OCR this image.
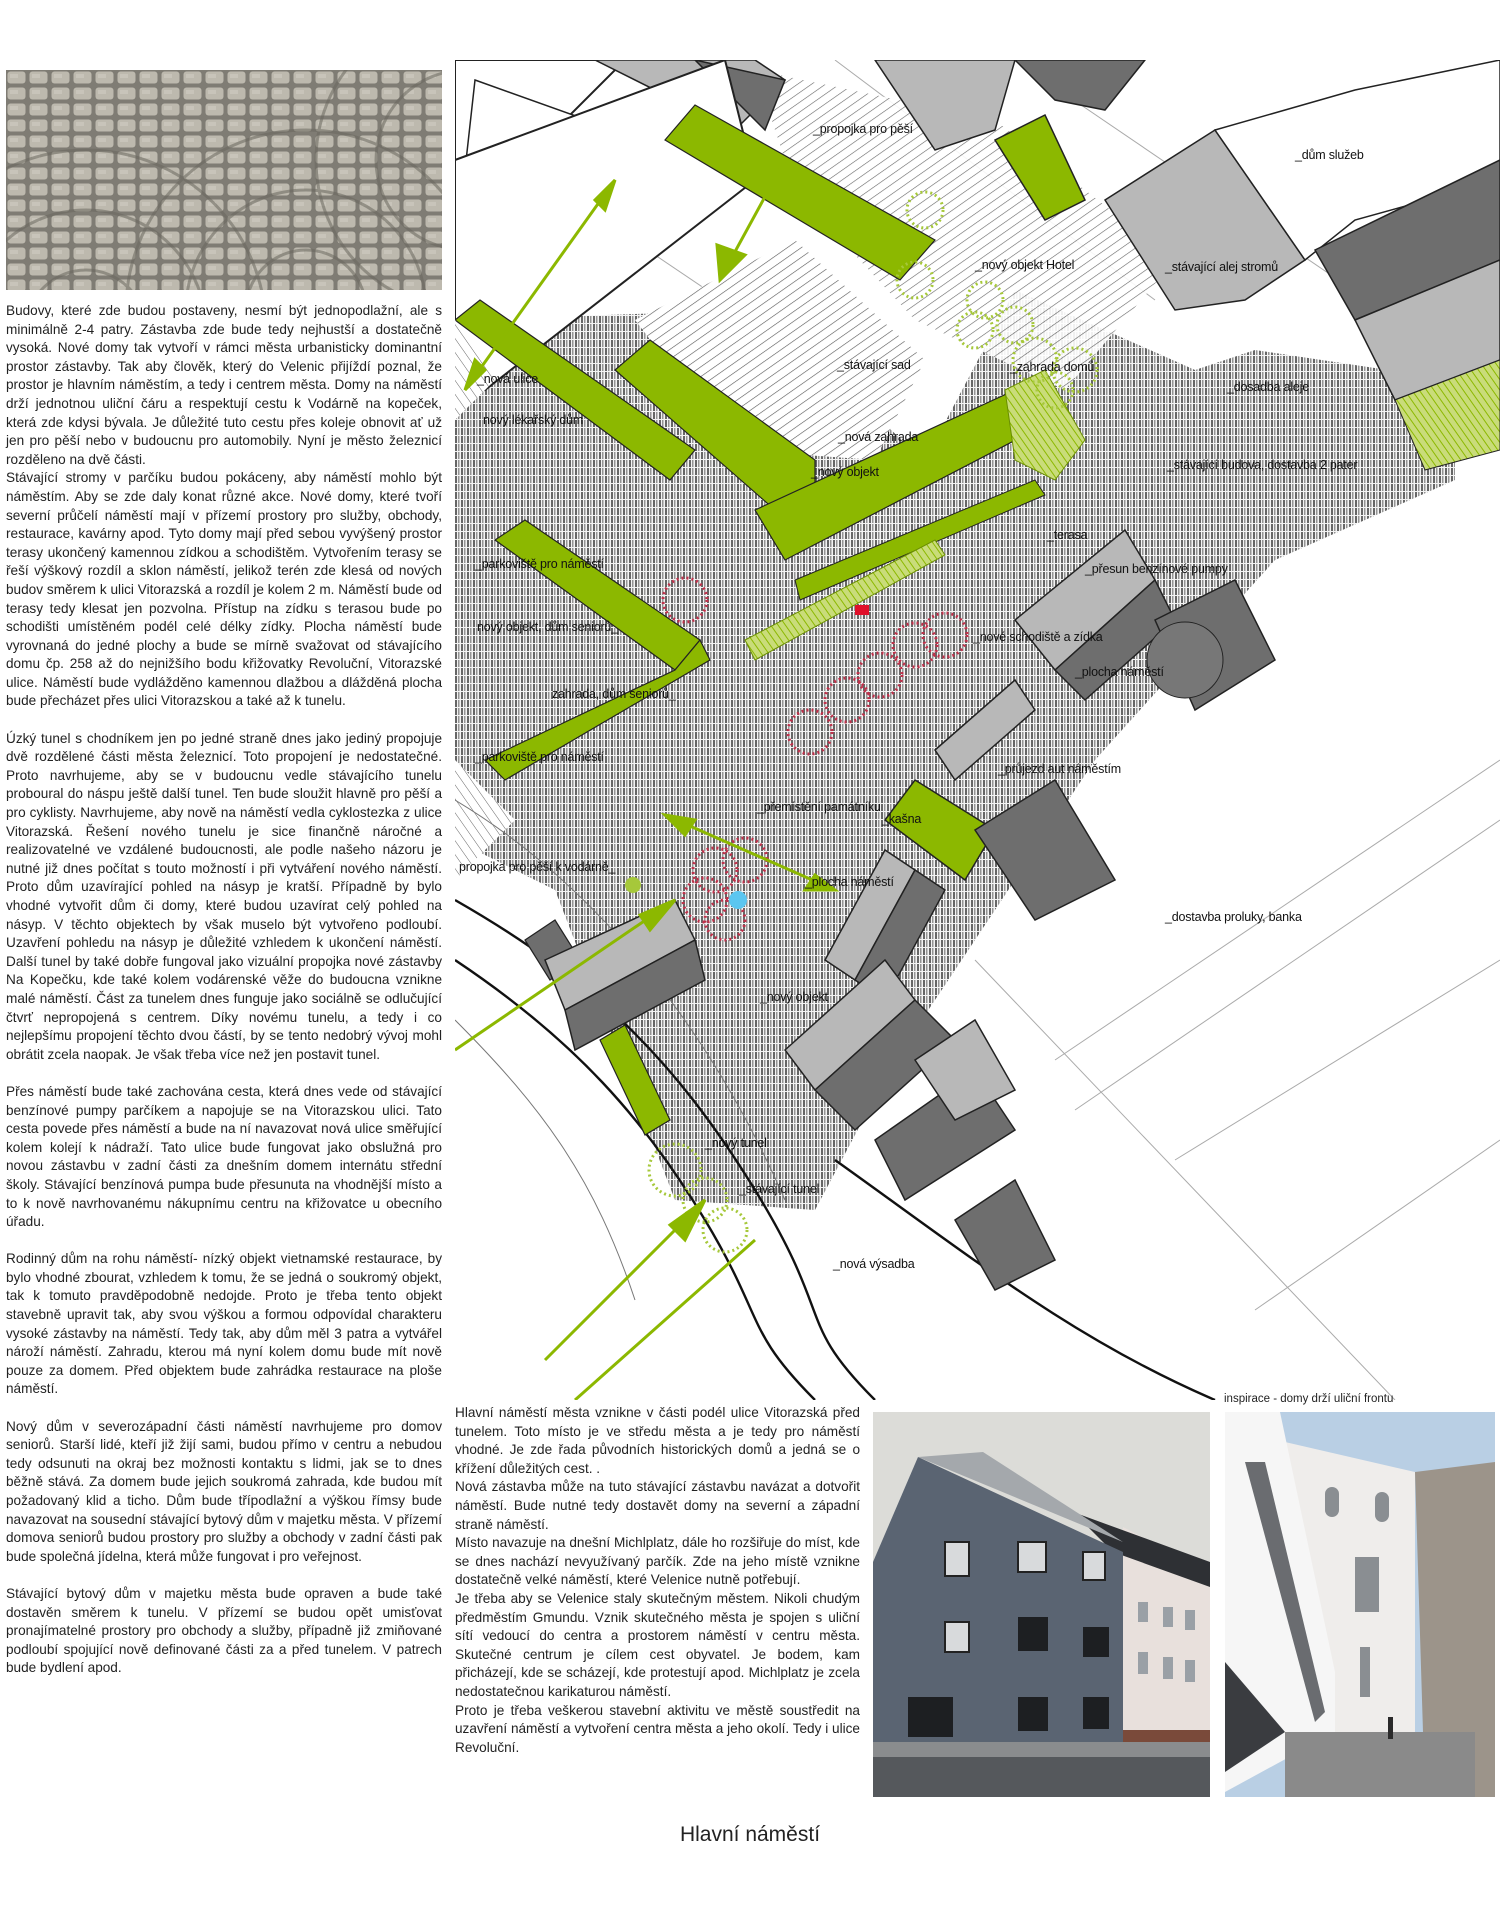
Budovy, které zde budou postaveny, nesmí být jednopodlažní, ale s minimálně 2-4 patry. Zástavba zde bude tedy nejhustší a dostatečně vysoká. Nové domy tak vytvoří v rámci města urbanisticky dominantní prostor zástavby. Tak aby člověk, který do Velenic přijíždí poznal, že prostor je hlavním náměstím, a tedy i centrem města. Domy na náměstí drží jednotnou uliční čáru a respektují cestu k Vodárně na kopeček, která zde kdysi bývala. Je důležité tuto cestu přes koleje obnovit ať už jen pro pěší nebo v budoucnu pro automobily. Nyní je město železnicí rozděleno na dvě části.

Stávající stromy v parčíku budou pokáceny, aby náměstí mohlo být náměstím. Aby se zde daly konat různé akce. Nové domy, které tvoří severní průčelí náměstí mají v přízemí prostory pro služby, obchody, restaurace, kavárny apod. Tyto domy mají před sebou vyvýšený prostor terasy ukončený kamennou zídkou a schodištěm. Vytvořením terasy se řeší výškový rozdíl a sklon náměstí, jelikož terén zde klesá od nových budov směrem k ulici Vitorazská a rozdíl je kolem 2 m. Náměstí bude od terasy tedy klesat jen pozvolna. Přístup na zídku s terasou bude po schodišti umístěném podél celé délky zídky. Plocha náměstí bude vyrovnaná do jedné plochy a bude se mírně svažovat od stávajícího domu čp. 258 až do nejnižšího bodu křižovatky Revoluční, Vitorazské ulice. Náměstí bude vydlážděno kamennou dlažbou a dlážděná plocha bude přecházet přes ulici Vitorazskou a také až k tunelu.

Úzký tunel s chodníkem jen po jedné straně dnes jako jediný propojuje dvě rozdělené části města železnicí. Toto propojení je nedostatečné. Proto navrhujeme, aby se v budoucnu vedle stávajícího tunelu proboural do náspu ještě další tunel. Ten bude sloužit hlavně pro pěší a pro cyklisty. Navrhujeme, aby nově na náměstí vedla cyklostezka z ulice Vitorazská. Řešení nového tunelu je sice finančně náročné a realizovatelné ve vzdálené budoucnosti, ale podle našeho názoru je nutné již dnes počítat s touto možností i při vytváření nového náměstí. Proto dům uzavírající pohled na násyp je kratší. Případně by bylo vhodné vytvořit dům či domy, které budou uzavírat celý pohled na násyp. V těchto objektech by však muselo být vytvořeno podloubí. Uzavření pohledu na násyp je důležité vzhledem k ukončení náměstí. Další tunel by také dobře fungoval jako vizuální propojka nové zástavby Na Kopečku, kde také kolem vodárenské věže do budoucna vznikne malé náměstí. Část za tunelem dnes funguje jako sociálně se odlučující čtvrť nepropojená s centrem. Díky novému tunelu, a tedy i co nejlepšímu propojení těchto dvou částí, by se tento nedobrý vývoj mohl obrátit zcela naopak. Je však třeba více než jen postavit tunel.

Přes náměstí bude také zachována cesta, která dnes vede od stávající benzínové pumpy parčíkem a napojuje se na Vitorazskou ulici. Tato cesta povede přes náměstí a bude na ní navazovat nová ulice směřující kolem kolejí k nádraží. Tato ulice bude fungovat jako obslužná pro novou zástavbu v zadní části za dnešním domem internátu střední školy. Stávající benzínová pumpa bude přesunuta na vhodnější místo a to k nově navrhovanému nákupnímu centru na křižovatce u obecního úřadu.

Rodinný dům na rohu náměstí- nízký objekt vietnamské restaurace, by bylo vhodné zbourat, vzhledem k tomu, že se jedná o soukromý objekt, tak k tomuto pravděpodobně nedojde. Proto je třeba tento objekt stavebně upravit tak, aby svou výškou a formou odpovídal charakteru vysoké zástavby na náměstí. Tedy tak, aby dům měl 3 patra a vytvářel nároží náměstí. Zahradu, kterou má nyní kolem domu bude mít nově pouze za domem. Před objektem bude zahrádka restaurace na ploše náměstí.

Nový dům v severozápadní části náměstí navrhujeme pro domov seniorů. Starší lidé, kteří již žijí sami, budou přímo v centru a nebudou tedy odsunuti na okraj bez možnosti kontaktu s lidmi, jak se to dnes běžně stává. Za domem bude jejich soukromá zahrada, kde budou mít požadovaný klid a ticho. Dům bude třípodlažní a výškou římsy bude navazovat na sousední stávající bytový dům v majetku města. V přízemí domova seniorů budou prostory pro služby a obchody v zadní části pak bude společná jídelna, která může fungovat i pro veřejnost.

Stávající bytový dům v majetku města bude opraven a bude také dostavěn směrem k tunelu. V přízemí se budou opět umisťovat pronajímatelné prostory pro obchody a služby, případně již zmiňované podloubí spojující nově definované části za a před tunelem. V patrech bude bydlení apod.

_propojka pro pěší
_dům služeb
_nový objekt Hotel	_stávající alej stromů
_stávající sad	_zahrada domů
_nová ulice
_dosadba aleje
nový lékařský dům
_nová zahrada
_stávající budova, dostavba 2 pater
_nový objekt
_terasa
_parkoviště pro náměstí	_přesun benzínové pumpy
nový objekt, dům seniorů_
_nové schodiště a zídka
_plocha náměstí
zahrada, dům seniorů_
_parkoviště pro náměstí
_průjezd aut náměstím
_přemístění památníku
_kašna
propojka pro pěší k vodárně_
_plocha náměstí
_dostavba proluky, banka
_nový objekt
_nový tunel
_stávající tunel
_nová výsadba

Hlavní náměstí města vznikne v části podél ulice Vitorazská před tunelem. Toto místo je ve středu města a je tedy pro náměstí vhodné. Je zde řada původních historických domů a jedná se o křížení důležitých cest. .

Nová zástavba může na tuto stávající zástavbu navázat a dotvořit náměstí. Bude nutné tedy dostavět domy na severní a západní straně náměstí.

Místo navazuje na dnešní Michlplatz, dále ho rozšiřuje do míst, kde se dnes nachází nevyužívaný parčík. Zde na jeho místě vznikne dostatečně velké náměstí, které Velenice nutně potřebují.

Je třeba aby se Velenice staly skutečným městem. Nikoli chudým předměstím Gmundu. Vznik skutečného města je spojen s uliční sítí vedoucí do centra a prostorem náměstí v centru města. Skutečné centrum je cílem cest obyvatel. Je bodem, kam přicházejí, kde se scházejí, kde protestují apod. Michlplatz je zcela nedostatečnou karikaturou náměstí.

Proto je třeba veškerou stavební aktivitu ve městě soustředit na uzavření náměstí a vytvoření centra města a jeho okolí. Tedy i ulice Revoluční.

inspirace - domy drží uliční frontu
Hlavní náměstí
